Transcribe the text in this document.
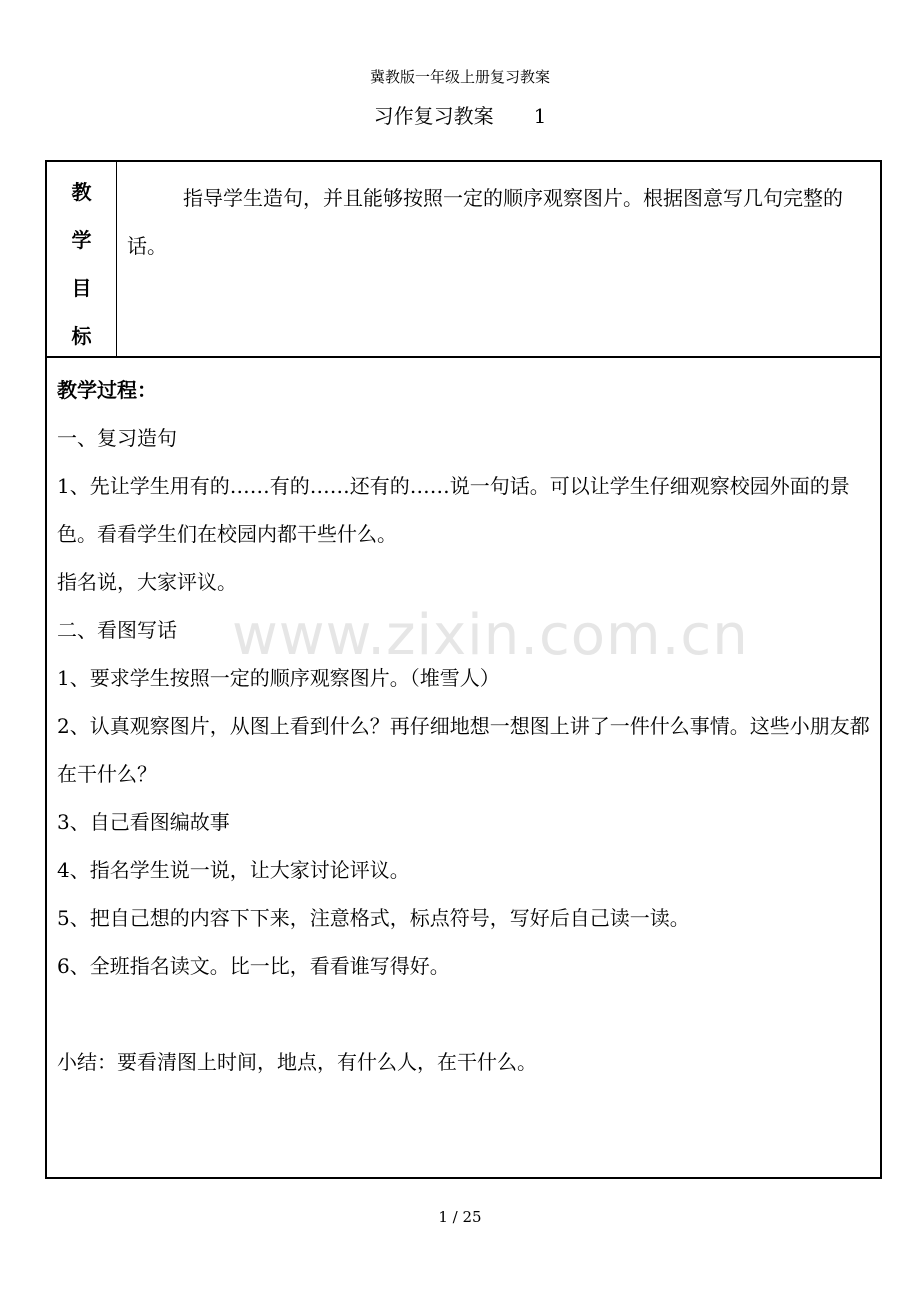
冀教版一年级上册复习教案
习作复习教案 1
www.zixin.com.cn
教
学
目
标
指导学生造句，并且能够按照一定的顺序观察图片。根据图意写几句完整的话。
教学过程：
一、复习造句
1、先让学生用有的……有的……还有的……说一句话。可以让学生仔细观察校园外面的景色。看看学生们在校园内都干些什么。
指名说，大家评议。
二、看图写话
1、要求学生按照一定的顺序观察图片。（堆雪人）
2、认真观察图片，从图上看到什么？再仔细地想一想图上讲了一件什么事情。这些小朋友都在干什么？
3、自己看图编故事
4、指名学生说一说，让大家讨论评议。
5、把自己想的内容下下来，注意格式，标点符号，写好后自己读一读。
6、全班指名读文。比一比，看看谁写得好。
小结：要看清图上时间，地点，有什么人，在干什么。
1 / 25
